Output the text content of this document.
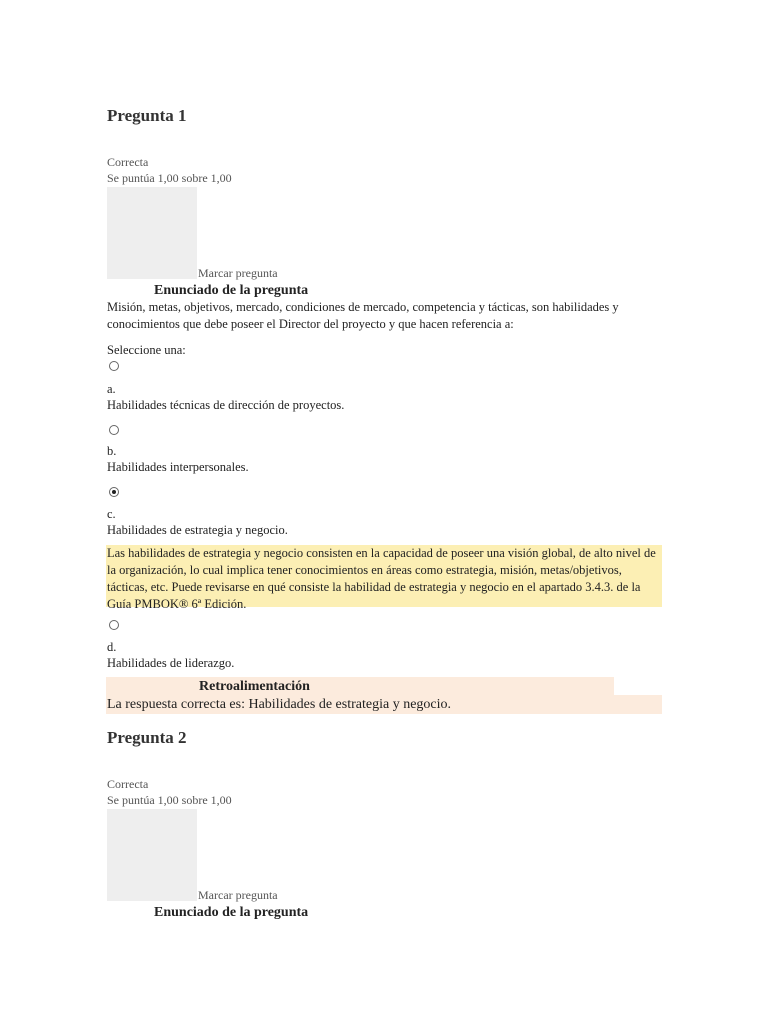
Pregunta 1
Correcta
Se puntúa 1,00 sobre 1,00
Marcar pregunta
Enunciado de la pregunta
Misión, metas, objetivos, mercado, condiciones de mercado, competencia y tácticas, son habilidades y conocimientos que debe poseer el Director del proyecto y que hacen referencia a:
Seleccione una:
a.
Habilidades técnicas de dirección de proyectos.
b.
Habilidades interpersonales.
c.
Habilidades de estrategia y negocio.
Las habilidades de estrategia y negocio consisten en la capacidad de poseer una visión global, de alto nivel de la organización, lo cual implica tener conocimientos en áreas como estrategia, misión, metas/objetivos, tácticas, etc. Puede revisarse en qué consiste la habilidad de estrategia y negocio en el apartado 3.4.3. de la Guía PMBOK® 6ª Edición.
d.
Habilidades de liderazgo.
Retroalimentación
La respuesta correcta es: Habilidades de estrategia y negocio.
Pregunta 2
Correcta
Se puntúa 1,00 sobre 1,00
Marcar pregunta
Enunciado de la pregunta
